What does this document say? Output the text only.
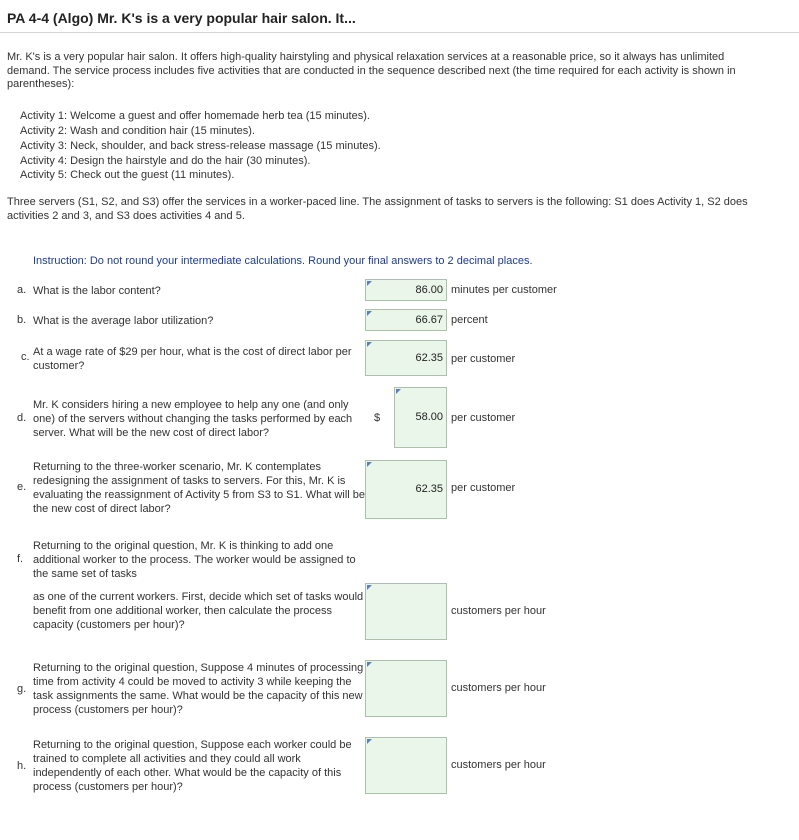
PA 4-4 (Algo) Mr. K's is a very popular hair salon. It...

Mr. K's is a very popular hair salon. It offers high-quality hairstyling and physical relaxation services at a reasonable price, so it always has unlimited demand. The service process includes five activities that are conducted in the sequence described next (the time required for each activity is shown in parentheses):

Activity 1: Welcome a guest and offer homemade herb tea (15 minutes).
Activity 2: Wash and condition hair (15 minutes).
Activity 3: Neck, shoulder, and back stress-release massage (15 minutes).
Activity 4: Design the hairstyle and do the hair (30 minutes).
Activity 5: Check out the guest (11 minutes).

Three servers (S1, S2, and S3) offer the services in a worker-paced line. The assignment of tasks to servers is the following: S1 does Activity 1, S2 does activities 2 and 3, and S3 does activities 4 and 5.

Instruction: Do not round your intermediate calculations. Round your final answers to 2 decimal places.
a. What is the labor content?	86.00 minutes per customer
b. What is the average labor utilization?	66.67 percent
c. At a wage rate of $29 per hour, what is the cost of direct labor per customer?
62.35 per customer
d.
Mr. K considers hiring a new employee to help any one (and only one) of the servers without changing the tasks performed by each server. What will be the new cost of direct labor?
$	58.00 per customer
e.
Returning to the three-worker scenario, Mr. K contemplates redesigning the assignment of tasks to servers. For this, Mr. K is evaluating the reassignment of Activity 5 from S3 to S1. What will be the new cost of direct labor?
62.35 per customer
f.
Returning to the original question, Mr. K is thinking to add one additional worker to the process. The worker would be assigned to the same set of tasks
as one of the current workers. First, decide which set of tasks would benefit from one additional worker, then calculate the process capacity (customers per hour)?
customers per hour
g.
Returning to the original question, Suppose 4 minutes of processing time from activity 4 could be moved to activity 3 while keeping the task assignments the same. What would be the capacity of this new process (customers per hour)?
customers per hour
h.
Returning to the original question, Suppose each worker could be trained to complete all activities and they could all work independently of each other. What would be the capacity of this process (customers per hour)?
customers per hour
